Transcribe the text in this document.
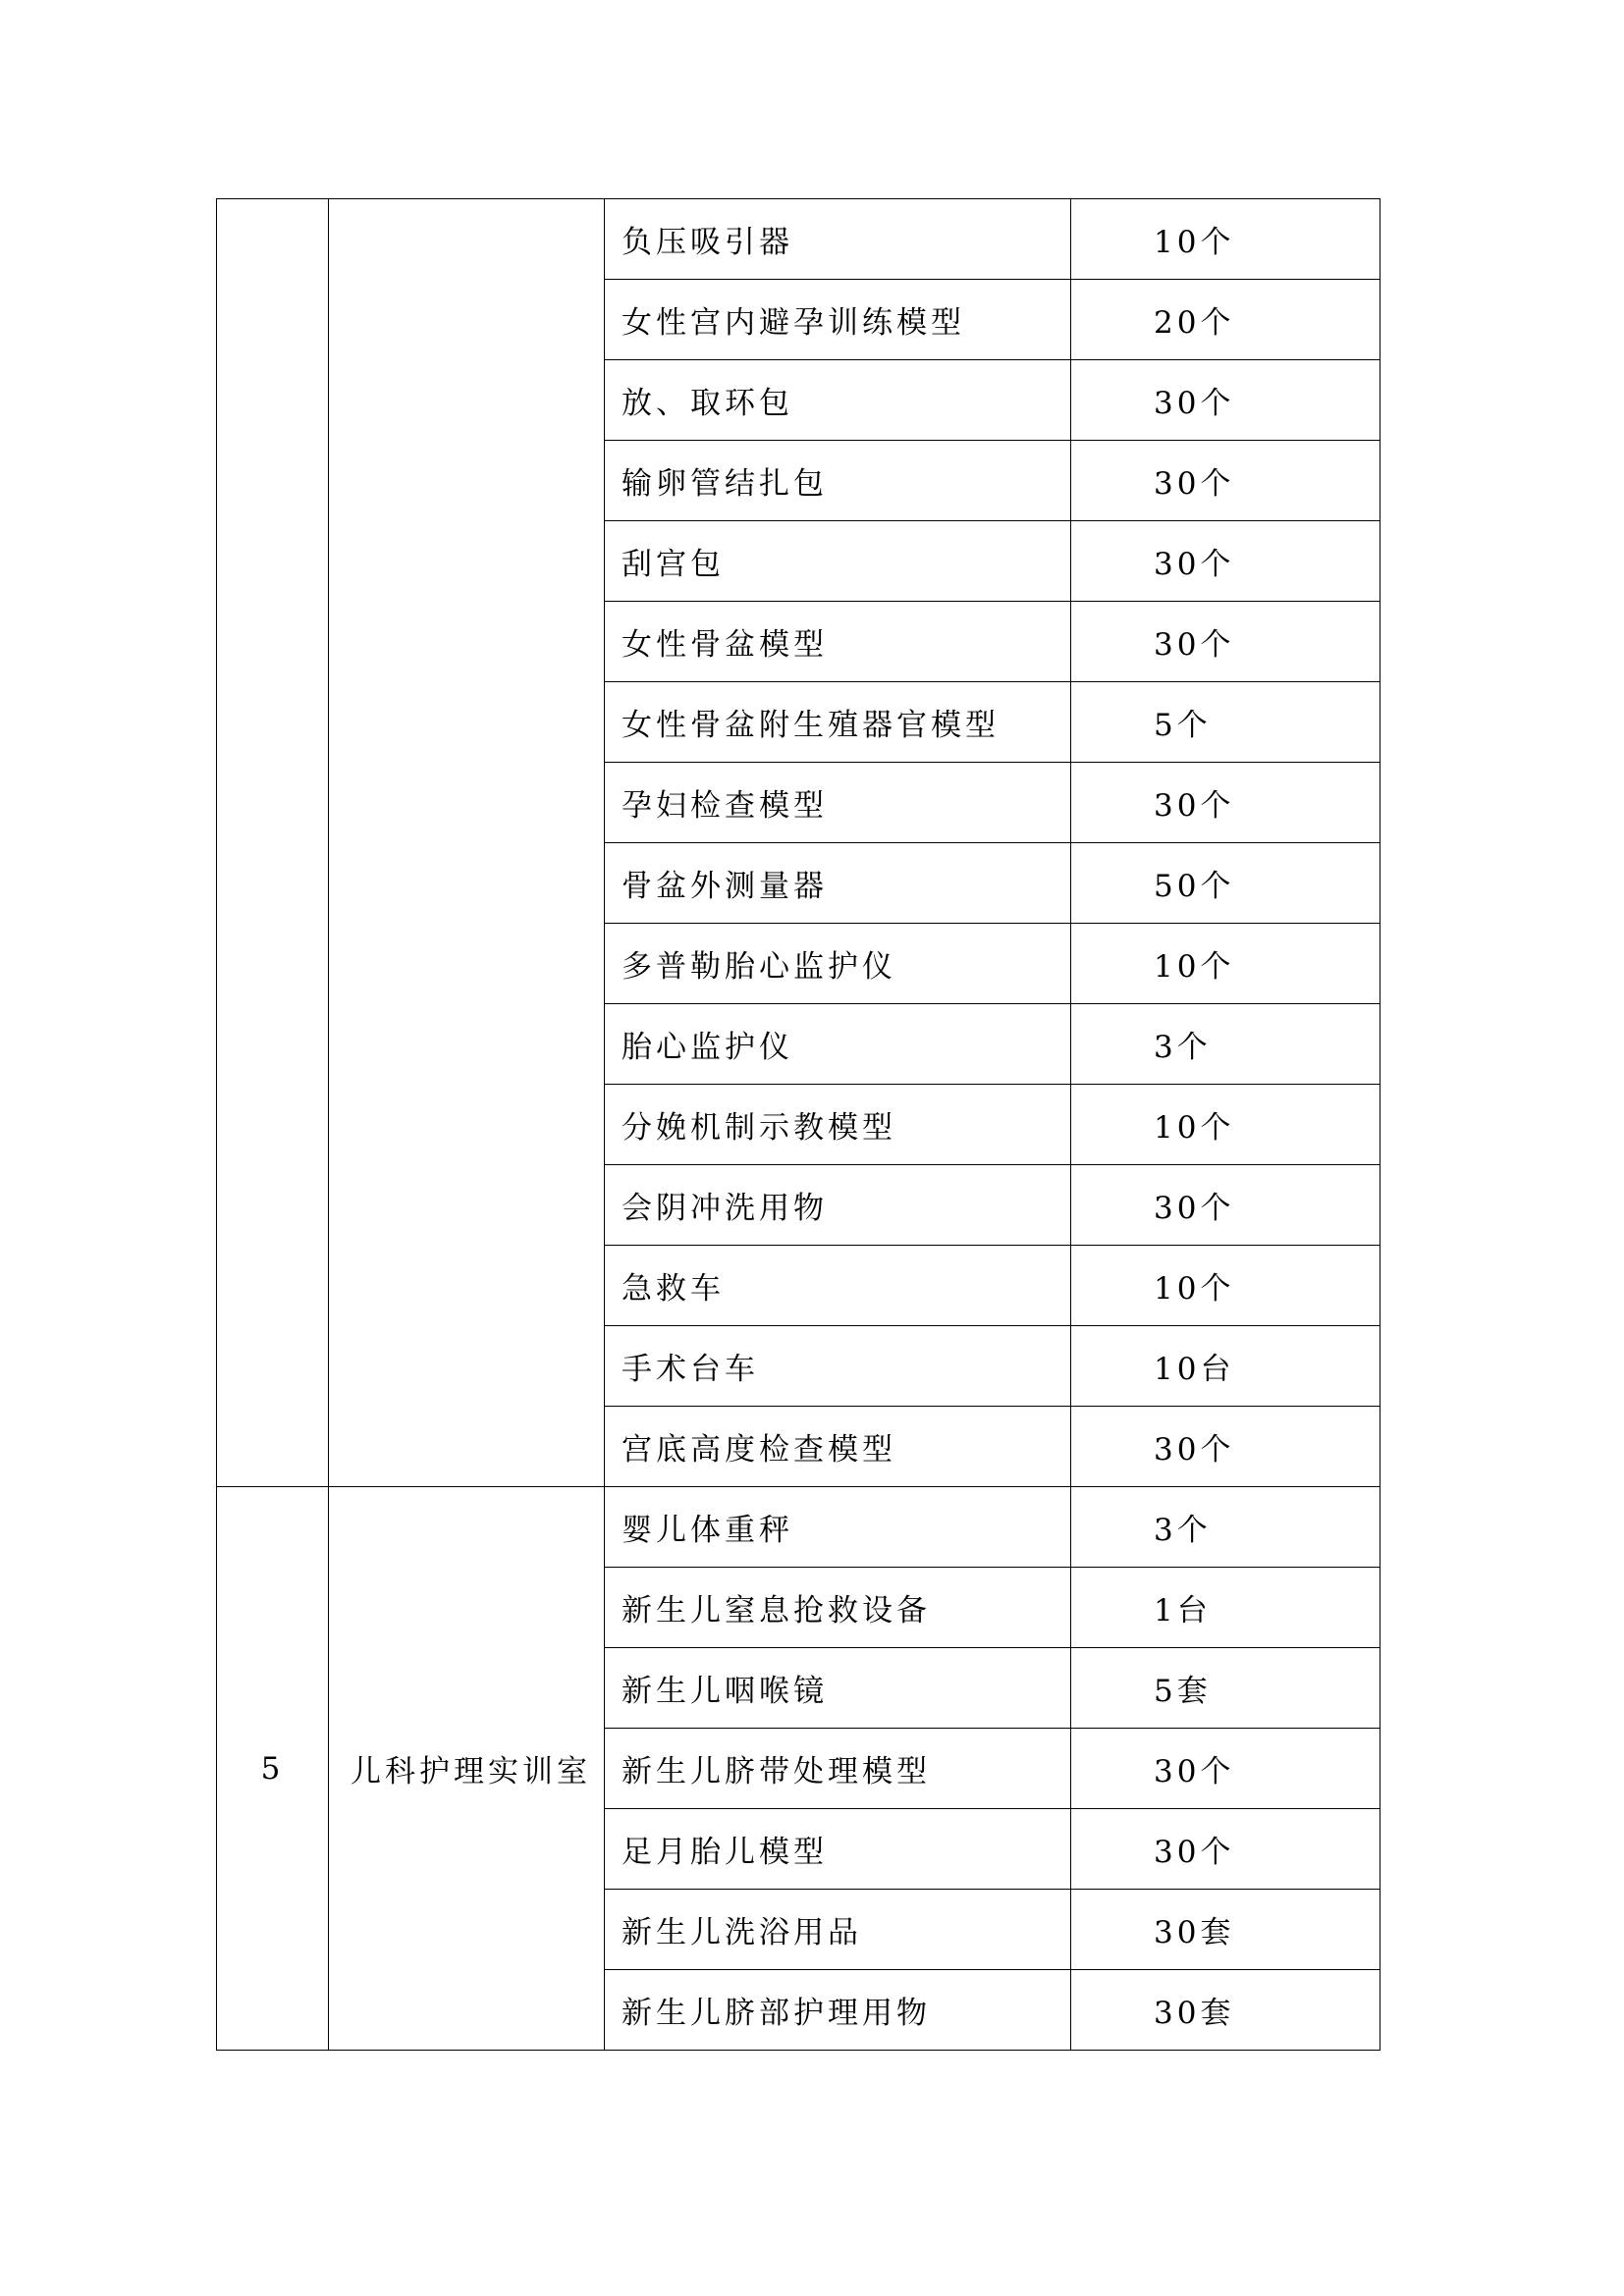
		负压吸引器	10个
		女性宫内避孕训练模型	20个
		放、取环包	30个
		输卵管结扎包	30个
		刮宫包	30个
		女性骨盆模型	30个
		女性骨盆附生殖器官模型	5个
		孕妇检查模型	30个
		骨盆外测量器	50个
		多普勒胎心监护仪	10个
		胎心监护仪	3个
		分娩机制示教模型	10个
		会阴冲洗用物	30个
		急救车	10个
		手术台车	10台
		宫底高度检查模型	30个
5	儿科护理实训室	婴儿体重秤	3个
		新生儿窒息抢救设备	1台
		新生儿咽喉镜	5套
		新生儿脐带处理模型	30个
		足月胎儿模型	30个
		新生儿洗浴用品	30套
		新生儿脐部护理用物	30套
